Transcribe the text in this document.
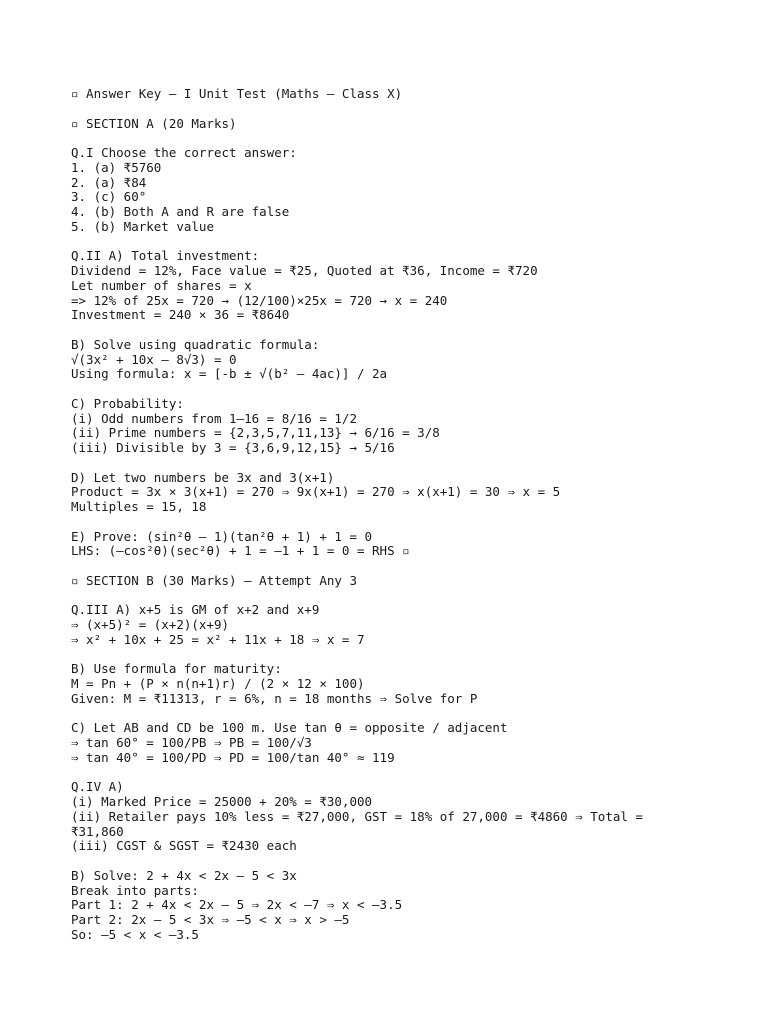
▫ Answer Key – I Unit Test (Maths – Class X)
▫ SECTION A (20 Marks)
Q.I Choose the correct answer:
1. (a) ₹5760
2. (a) ₹84
3. (c) 60°
4. (b) Both A and R are false
5. (b) Market value
Q.II A) Total investment:
Dividend = 12%, Face value = ₹25, Quoted at ₹36, Income = ₹720
Let number of shares = x
=> 12% of 25x = 720 → (12/100)×25x = 720 → x = 240
Investment = 240 × 36 = ₹8640
B) Solve using quadratic formula:
√(3x² + 10x – 8√3) = 0
Using formula: x = [-b ± √(b² – 4ac)] / 2a
C) Probability:
(i) Odd numbers from 1–16 = 8/16 = 1/2
(ii) Prime numbers = {2,3,5,7,11,13} → 6/16 = 3/8
(iii) Divisible by 3 = {3,6,9,12,15} → 5/16
D) Let two numbers be 3x and 3(x+1)
Product = 3x × 3(x+1) = 270 ⇒ 9x(x+1) = 270 ⇒ x(x+1) = 30 ⇒ x = 5
Multiples = 15, 18
E) Prove: (sin²θ – 1)(tan²θ + 1) + 1 = 0
LHS: (–cos²θ)(sec²θ) + 1 = –1 + 1 = 0 = RHS ▫
▫ SECTION B (30 Marks) – Attempt Any 3
Q.III A) x+5 is GM of x+2 and x+9
⇒ (x+5)² = (x+2)(x+9)
⇒ x² + 10x + 25 = x² + 11x + 18 ⇒ x = 7
B) Use formula for maturity:
M = Pn + (P × n(n+1)r) / (2 × 12 × 100)
Given: M = ₹11313, r = 6%, n = 18 months ⇒ Solve for P
C) Let AB and CD be 100 m. Use tan θ = opposite / adjacent
⇒ tan 60° = 100/PB ⇒ PB = 100/√3
⇒ tan 40° = 100/PD ⇒ PD = 100/tan 40° ≈ 119
Q.IV A)
(i) Marked Price = 25000 + 20% = ₹30,000
(ii) Retailer pays 10% less = ₹27,000, GST = 18% of 27,000 = ₹4860 ⇒ Total =
₹31,860
(iii) CGST & SGST = ₹2430 each
B) Solve: 2 + 4x < 2x – 5 < 3x
Break into parts:
Part 1: 2 + 4x < 2x – 5 ⇒ 2x < –7 ⇒ x < –3.5
Part 2: 2x – 5 < 3x ⇒ –5 < x ⇒ x > –5
So: –5 < x < –3.5
